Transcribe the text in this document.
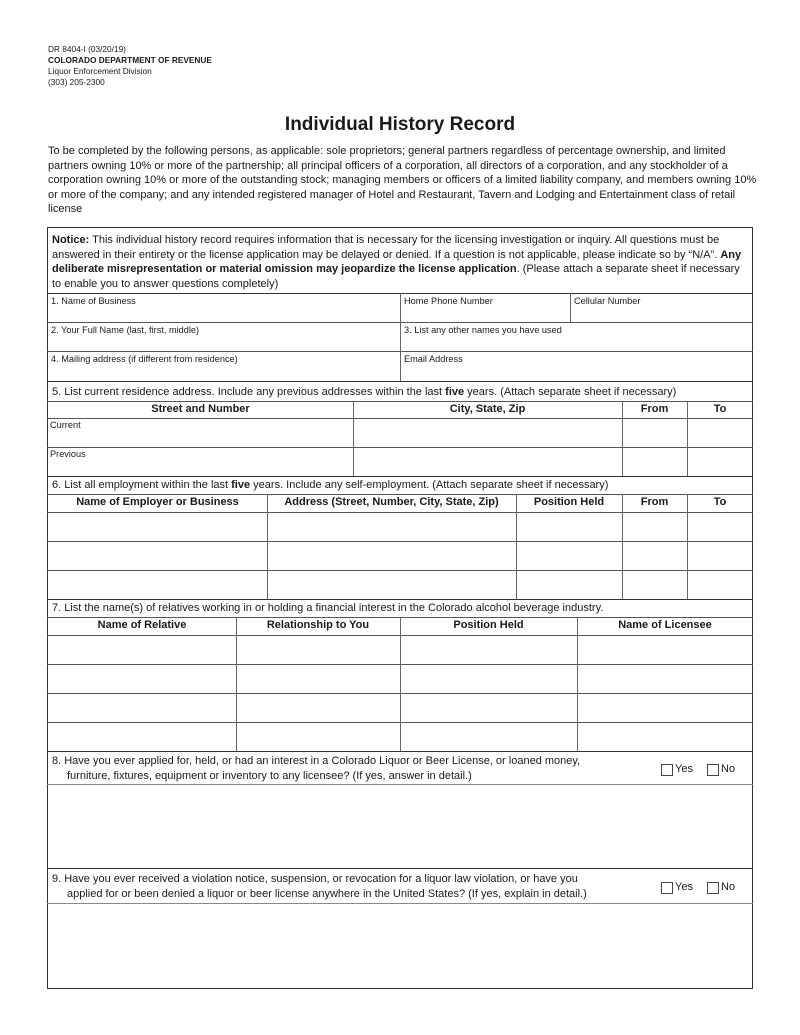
DR 8404-I (03/20/19)
COLORADO DEPARTMENT OF REVENUE
Liquor Enforcement Division
(303) 205-2300
Individual History Record
To be completed by the following persons, as applicable: sole proprietors; general partners regardless of percentage ownership, and limited partners owning 10% or more of the partnership; all principal officers of a corporation, all directors of a corporation, and any stockholder of a corporation owning 10% or more of the outstanding stock; managing members or officers of a limited liability company, and members owning 10% or more of the company; and any intended registered manager of Hotel and Restaurant, Tavern and Lodging and Entertainment class of retail license
Notice: This individual history record requires information that is necessary for the licensing investigation or inquiry. All questions must be answered in their entirety or the license application may be delayed or denied. If a question is not applicable, please indicate so by “N/A”. Any deliberate misrepresentation or material omission may jeopardize the license application. (Please attach a separate sheet if necessary to enable you to answer questions completely)
1. Name of Business	Home Phone Number	Cellular Number
2. Your Full Name (last, first, middle)	3. List any other names you have used
4. Mailing address (if different from residence)	Email Address
5. List current residence address. Include any previous addresses within the last five years. (Attach separate sheet if necessary)
Street and Number	City, State, Zip	From	To
Current
Previous
6. List all employment within the last five years. Include any self-employment. (Attach separate sheet if necessary)
Name of Employer or Business	Address (Street, Number, City, State, Zip)	Position Held	From	To
7. List the name(s) of relatives working in or holding a financial interest in the Colorado alcohol beverage industry.
Name of Relative	Relationship to You	Position Held	Name of Licensee
8. Have you ever applied for, held, or had an interest in a Colorado Liquor or Beer License, or loaned money,
furniture, fixtures, equipment or inventory to any licensee? (If yes, answer in detail.)
Yes	No
9. Have you ever received a violation notice, suspension, or revocation for a liquor law violation, or have you
applied for or been denied a liquor or beer license anywhere in the United States? (If yes, explain in detail.)
Yes	No
